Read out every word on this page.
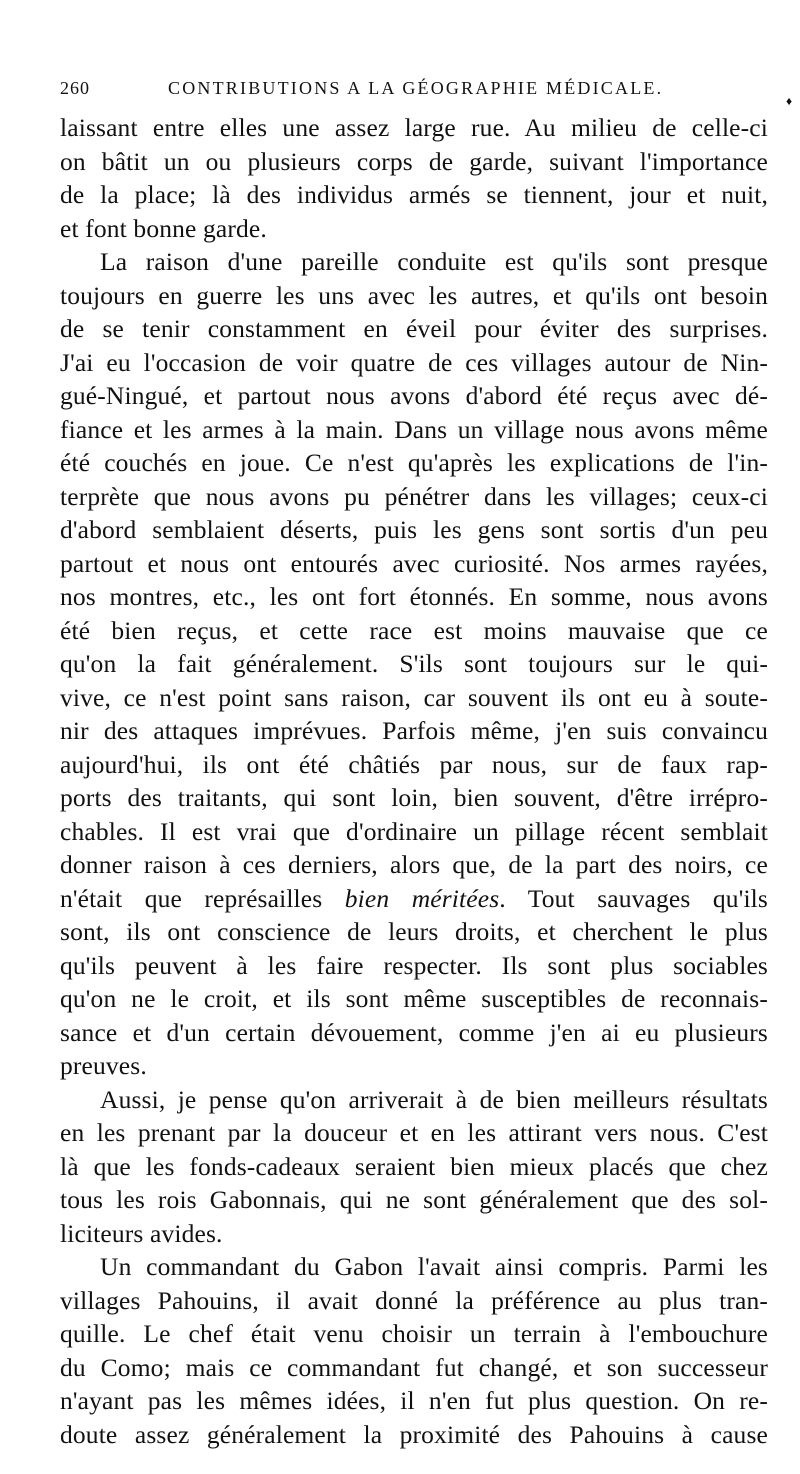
260	CONTRIBUTIONS A LA GÉOGRAPHIE MÉDICALE.
♦
laissant entre elles une assez large rue. Au milieu de celle-ci
on bâtit un ou plusieurs corps de garde, suivant l'importance
de la place; là des individus armés se tiennent, jour et nuit,
et font bonne garde.
La raison d'une pareille conduite est qu'ils sont presque
toujours en guerre les uns avec les autres, et qu'ils ont besoin
de se tenir constamment en éveil pour éviter des surprises.
J'ai eu l'occasion de voir quatre de ces villages autour de Nin-
gué-Ningué, et partout nous avons d'abord été reçus avec dé-
fiance et les armes à la main. Dans un village nous avons même
été couchés en joue. Ce n'est qu'après les explications de l'in-
terprète que nous avons pu pénétrer dans les villages; ceux-ci
d'abord semblaient déserts, puis les gens sont sortis d'un peu
partout et nous ont entourés avec curiosité. Nos armes rayées,
nos montres, etc., les ont fort étonnés. En somme, nous avons
été bien reçus, et cette race est moins mauvaise que ce
qu'on la fait généralement. S'ils sont toujours sur le qui-
vive, ce n'est point sans raison, car souvent ils ont eu à soute-
nir des attaques imprévues. Parfois même, j'en suis convaincu
aujourd'hui, ils ont été châtiés par nous, sur de faux rap-
ports des traitants, qui sont loin, bien souvent, d'être irrépro-
chables. Il est vrai que d'ordinaire un pillage récent semblait
donner raison à ces derniers, alors que, de la part des noirs, ce
n'était que représailles bien méritées. Tout sauvages qu'ils
sont, ils ont conscience de leurs droits, et cherchent le plus
qu'ils peuvent à les faire respecter. Ils sont plus sociables
qu'on ne le croit, et ils sont même susceptibles de reconnais-
sance et d'un certain dévouement, comme j'en ai eu plusieurs
preuves.
Aussi, je pense qu'on arriverait à de bien meilleurs résultats
en les prenant par la douceur et en les attirant vers nous. C'est
là que les fonds-cadeaux seraient bien mieux placés que chez
tous les rois Gabonnais, qui ne sont généralement que des sol-
liciteurs avides.
Un commandant du Gabon l'avait ainsi compris. Parmi les
villages Pahouins, il avait donné la préférence au plus tran-
quille. Le chef était venu choisir un terrain à l'embouchure
du Como; mais ce commandant fut changé, et son successeur
n'ayant pas les mêmes idées, il n'en fut plus question. On re-
doute assez généralement la proximité des Pahouins à cause
